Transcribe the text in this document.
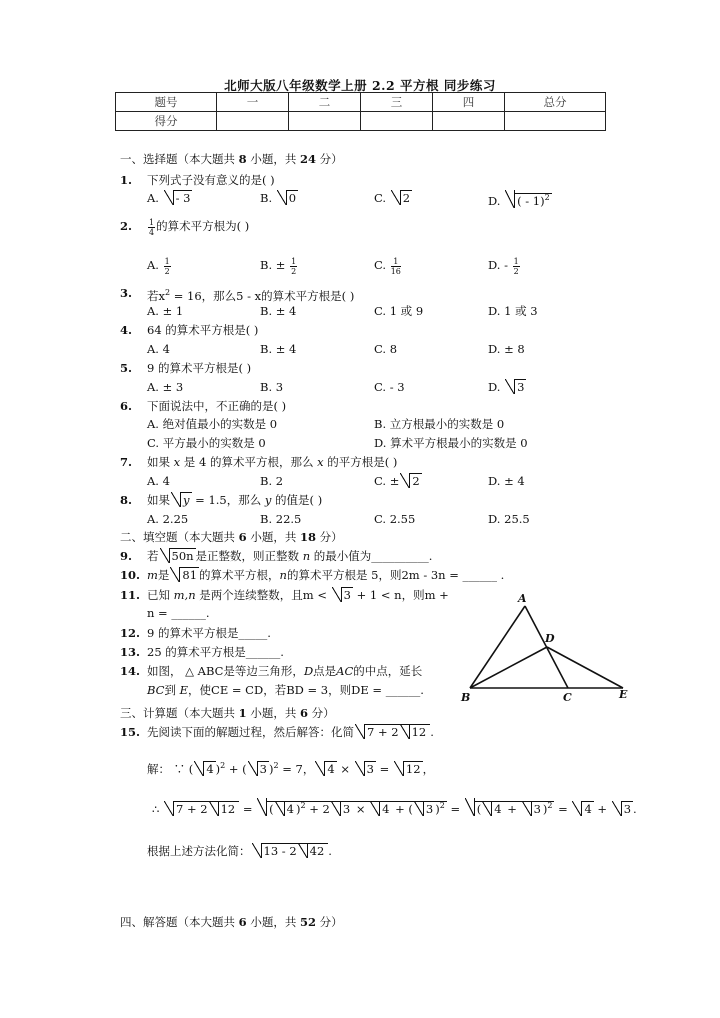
北师大版八年级数学上册 2.2 平方根 同步练习
题号	一	二	三	四	总分
得分					
一、选择题（本大题共 8 小题，共 24 分）
1. 下列式子没有意义的是( )
A. - 3	B. 0	C. 2	D. ( - 1)$^2$
2. $\frac{1}{4}$ 的算术平方根为( )
A. $\frac{1}{2}$	B. ± $\frac{1}{2}$	C. $\frac{1}{16}$	D. - $\frac{1}{2}$
3. 若$x^2 = 16$，那么5 - x的算术平方根是( )
A. ± 1	B. ± 4	C. 1 或 9	D. 1 或 3
4. 64 的算术平方根是( )
A. 4	B. ± 4	C. 8	D. ± 8
5. 9 的算术平方根是( )
A. ± 3	B. 3	C. - 3	D. 3
6. 下面说法中，不正确的是( )
A. 绝对值最小的实数是 0	B. 立方根最小的实数是 0
C. 平方最小的实数是 0	D. 算术平方根最小的实数是 0
7. 如果 x 是 4 的算术平方根，那么 x 的平方根是( )
A. 4	B. 2	C. ± 2	D. ± 4
8. 如果 y = 1.5，那么 y 的值是( )
A. 2.25	B. 22.5	C. 2.55	D. 25.5
二、填空题（本大题共 6 小题，共 18 分）
9. 若 50n 是正整数，则正整数 n 的最小值为__________.
10. m是 81 的算术平方根，n的算术平方根是 5，则2m - 3n = ______ .
11. 已知 m,n 是两个连续整数，且m < 3 + 1 < n，则m +
n = ______.
12. 9 的算术平方根是_____.
13. 25 的算术平方根是______.
14. 如图， △ ABC是等边三角形，D点是AC的中点，延长
BC到 E，使CE = CD，若BD = 3，则DE = ______.
A
B	C
D
E
三、计算题（本大题共 1 小题，共 6 分）
15. 先阅读下面的解题过程，然后解答：化简 7 + 2 12 .
解： ∵ ( 4 )$^2$ + ( 3 )$^2$ = 7， 4 × 3 = 12 ，
∴ 7 + 2 12 = ( 4 )$^2$ + 2 3 × 4 + ( 3 )$^2$ = ( 4 + 3 )$^2$ = 4 + 3 .
根据上述方法化简： 13 - 2 42 .
四、解答题（本大题共 6 小题，共 52 分）
